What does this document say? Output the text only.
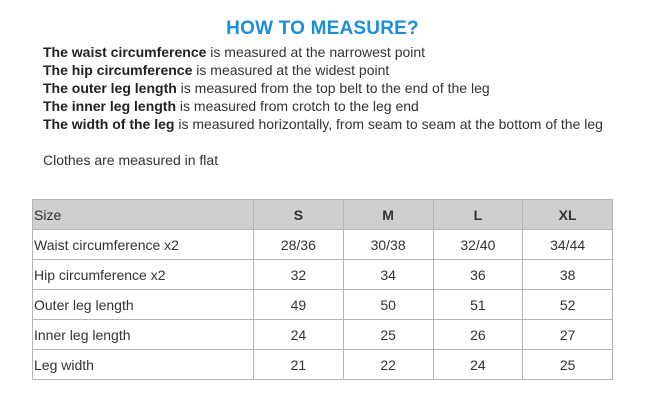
HOW TO MEASURE?
The waist circumference is measured at the narrowest point
The hip circumference is measured at the widest point
The outer leg length is measured from the top belt to the end of the leg
The inner leg length is measured from crotch to the leg end
The width of the leg is measured horizontally, from seam to seam at the bottom of the leg
Clothes are measured in flat
Size	S	M	L	XL
Waist circumference x2	28/36	30/38	32/40	34/44
Hip circumference x2	32	34	36	38
Outer leg length	49	50	51	52
Inner leg length	24	25	26	27
Leg width	21	22	24	25
